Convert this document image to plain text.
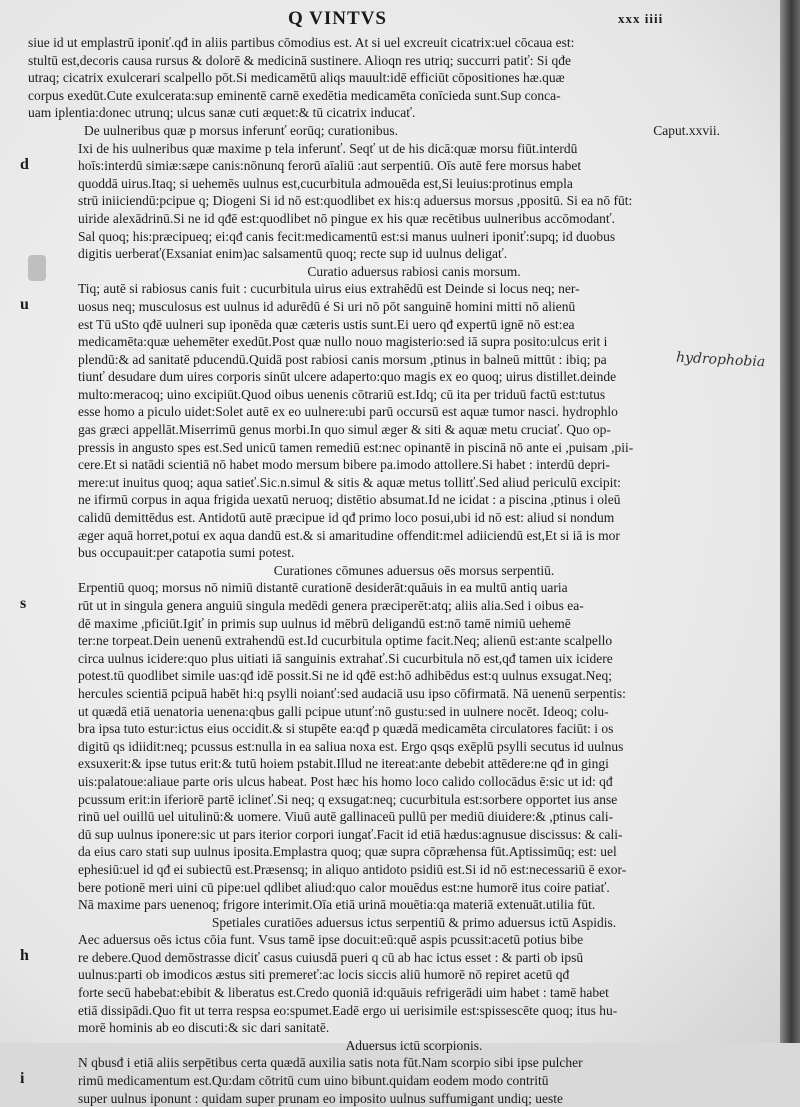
Q VINTVS	xxx iiii
siue id ut emplastrū iponiť.qđ in aliis partibus cōmodius est. At si uel excreuit cicatrix:uel cōcaua est:
stultū est,decoris causa rursus & dolorē & medicinā sustinere. Alioqn res utriq; succurri patiť: Si qđe
utraq; cicatrix exulcerari scalpello pōt.Si medicamētū aliqs mauult:idē efficiūt cōpositiones hæ.quæ
corpus exedūt.Cute exulcerata:sup eminentē carnē exedētia medicamēta conīcieda sunt.Sup conca-
uam iplentia:donec utrunq; ulcus sanæ cuti æquet:& tū cicatrix inducať.
De uulneribus quæ p morsus inferunť eorūq; curationibus.	Caput.xxvii.
d
Ixi de his uulneribus quæ maxime p tela inferunť. Seqť ut de his dicā:quæ morsu fiūt.interdū
hoīs:interdū simiæ:sæpe canis:nōnunq ferorū aīaliū :aut serpentiū. Oīs autē fere morsus habet
quoddā uirus.Itaq; si uehemēs uulnus est,cucurbitula admouēda est,Si leuius:protinus empla
strū iniiciendū:pcipue q; Diogeni Si id nō est:quodlibet ex his:q aduersus morsus ,ppositū. Si ea nō fūt:
uiride alexādrinū.Si ne id qđē est:quodlibet nō pingue ex his quæ recētibus uulneribus accōmodanť.
Sal quoq; his:præcipueq; ei:qđ canis fecit:medicamentū est:si manus uulneri iponiť:supq; id duobus
digitis uerberať(Exsaniat enim)ac salsamentū quoq; recte sup id uulnus deligať.
Curatio aduersus rabiosi canis morsum.
u
Tiq; autē si rabiosus canis fuit : cucurbitula uirus eius extrahēdū est Deinde si locus neq; ner-
uosus neq; musculosus est uulnus id adurēdū é Si uri nō pōt sanguinē homini mitti nō alienū
est Tū uSto qđē uulneri sup iponēda quæ cæteris ustis sunt.Ei uero qđ expertū ignē nō est:ea
medicamēta:quæ uehemēter exedūt.Post quæ nullo nouo magisterio:sed iā supra posito:ulcus erit i
plendū:& ad sanitatē pducendū.Quidā post rabiosi canis morsum ,ptinus in balneū mittūt : ibiq; pa
tiunť desudare dum uires corporis sinūt ulcere adaperto:quo magis ex eo quoq; uirus distillet.deinde
multo:meracoq; uino excipiūt.Quod oibus uenenis cōtrariū est.Idq; cū ita per triduū factū est:tutus
esse homo a piculo uidet:Solet autē ex eo uulnere:ubi parū occursū est aquæ tumor nasci. hydrophlo
gas græci appellāt.Miserrimū genus morbi.In quo simul æger & siti & aquæ metu cruciať. Quo op-
pressis in angusto spes est.Sed unicū tamen remediū est:nec opinantē in piscinā nō ante ei ,puisam ,pii-
cere.Et si natādi scientiā nō habet modo mersum bibere pa.imodo attollere.Si habet : interdū depri-
mere:ut inuitus quoq; aqua satieť.Sic.n.simul & sitis & aquæ metus tollitť.Sed aliud periculū excipit:
ne ifirmū corpus in aqua frigida uexatū neruoq; distētio absumat.Id ne icidat : a piscina ,ptinus i oleū
calidū demittēdus est. Antidotū autē præcipue id qđ primo loco posui,ubi id nō est: aliud si nondum
æger aquā horret,potui ex aqua dandū est.& si amaritudine offendit:mel adiiciendū est,Et si iā is mor
bus occupauit:per catapotia sumi potest.
Curationes cōmunes aduersus oēs morsus serpentiū.
s
Erpentiū quoq; morsus nō nimiū distantē curationē desiderāt:quāuis in ea multū antiq uaria
rūt ut in singula genera anguiū singula medēdi genera præciperēt:atq; aliis alia.Sed i oibus ea-
dē maxime ,pficiūt.Igiť in primis sup uulnus id mēbrū deligandū est:nō tamē nimiū uehemē
ter:ne torpeat.Dein uenenū extrahendū est.Id cucurbitula optime facit.Neq; alienū est:ante scalpello
circa uulnus icidere:quo plus uitiati iā sanguinis extrahať.Si cucurbitula nō est,qđ tamen uix icidere
potest.tū quodlibet simile uas:qđ idē possit.Si ne id qđē est:hō adhibēdus est:q uulnus exsugat.Neq;
hercules scientiā pcipuā habēt hi:q psylli noianť:sed audaciā usu ipso cōfirmatā. Nā uenenū serpentis:
ut quædā etiā uenatoria uenena:qbus galli pcipue utunť:nō gustu:sed in uulnere nocēt. Ideoq; colu-
bra ipsa tuto estur:ictus eius occidit.& si stupēte ea:qđ p quædā medicamēta circulatores faciūt: i os
digitū qs idiidit:neq; pcussus est:nulla in ea saliua noxa est. Ergo qsqs exēplū psylli secutus id uulnus
exsuxerit:& ipse tutus erit:& tutū hoiem pstabit.Illud ne itereat:ante debebit attēdere:ne qđ in gingi
uis:palatoue:aliaue parte oris ulcus habeat. Post hæc his homo loco calido collocādus ē:sic ut id: qđ
pcussum erit:in iferiorē partē iclineť.Si neq; q exsugat:neq; cucurbitula est:sorbere opportet ius anse
rinū uel ouillū uel uitulinū:& uomere. Viuū autē gallinaceū pullū per mediū diuidere:& ,ptinus cali-
dū sup uulnus iponere:sic ut pars iterior corpori iungať.Facit id etiā hædus:agnusue discissus: & cali-
da eius caro stati sup uulnus iposita.Emplastra quoq; quæ supra cōpræhensa fūt.Aptissimūq; est: uel
ephesiū:uel id qđ ei subiectū est.Præsensq; in aliquo antidoto psidiū est.Si id nō est:necessariū ē exor-
bere potionē meri uini cū pipe:uel qdlibet aliud:quo calor mouēdus est:ne humorē itus coire patiať.
Nā maxime pars uenenoq; frigore interimit.Oīa etiā urinā mouētia:qa materiā extenuāt.utilia fūt.
Spetiales curatiōes aduersus ictus serpentiū & primo aduersus ictū Aspidis.
h
Aec aduersus oēs ictus cōia funt. Vsus tamē ipse docuit:eū:quē aspis pcussit:acetū potius bibe
re debere.Quod demōstrasse diciť casus cuiusdā pueri q cū ab hac ictus esset : & parti ob ipsū
uulnus:parti ob imodicos æstus siti premereť:ac locis siccis aliū humorē nō repiret acetū qđ
forte secū habebat:ebibit & liberatus est.Credo quoniā id:quāuis refrigerādi uim habet : tamē habet
etiā dissipādi.Quo fit ut terra respsa eo:spumet.Eadē ergo ui uerisimile est:spissescēte quoq; itus hu-
morē hominis ab eo discuti:& sic dari sanitatē.
Aduersus ictū scorpionis.
i
N qbusđ i etiā aliis serpētibus certa quædā auxilia satis nota fūt.Nam scorpio sibi ipse pulcher
rimū medicamentum est.Qu:dam cōtritū cum uino bibunt.quidam eodem modo contritū
super uulnus iponunt : quidam super prunam eo imposito uulnus suffumigant undiq; ueste
hydrophobia
